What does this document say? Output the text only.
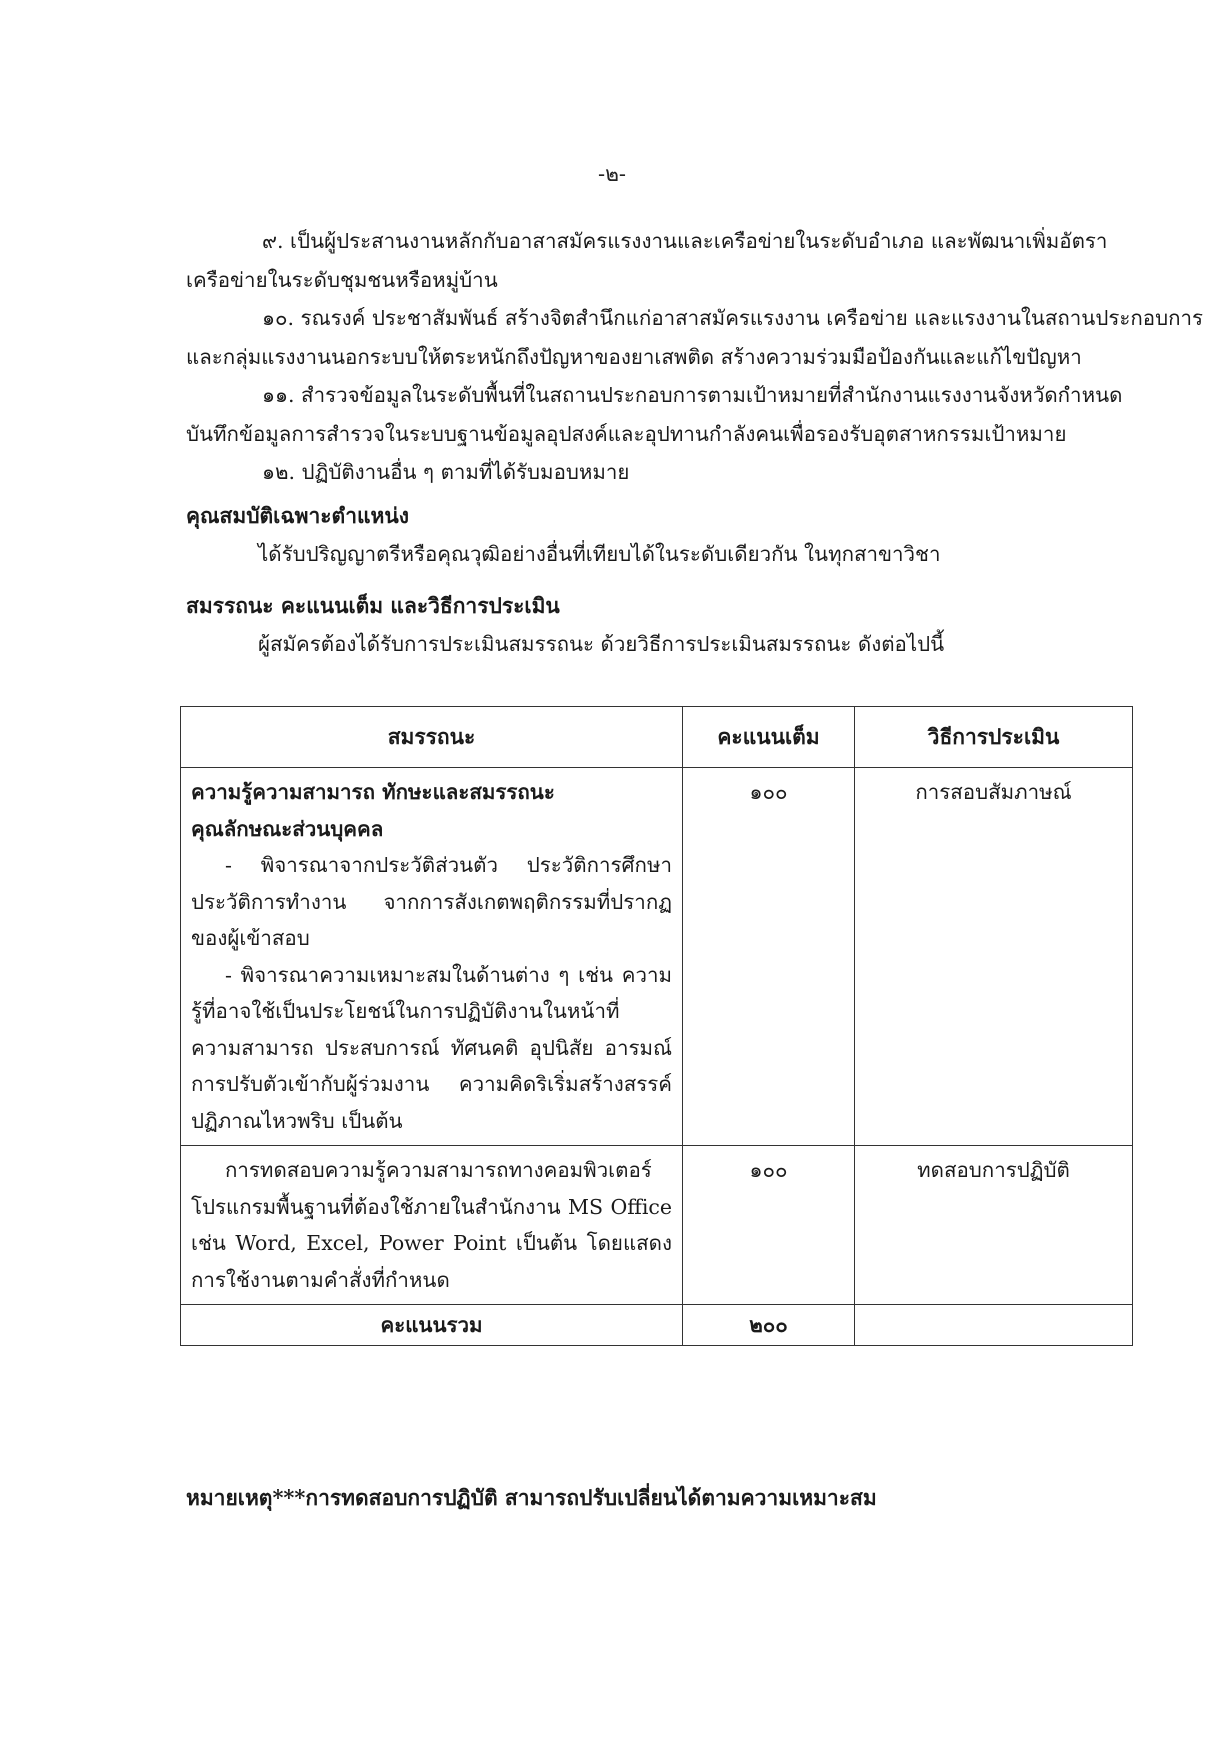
-๒-

๙. เป็นผู้ประสานงานหลักกับอาสาสมัครแรงงานและเครือข่ายในระดับอำเภอ และพัฒนาเพิ่มอัตรา

เครือข่ายในระดับชุมชนหรือหมู่บ้าน

๑๐. รณรงค์ ประชาสัมพันธ์ สร้างจิตสำนึกแก่อาสาสมัครแรงงาน เครือข่าย และแรงงานในสถานประกอบการ

และกลุ่มแรงงานนอกระบบให้ตระหนักถึงปัญหาของยาเสพติด สร้างความร่วมมือป้องกันและแก้ไขปัญหา

๑๑. สำรวจข้อมูลในระดับพื้นที่ในสถานประกอบการตามเป้าหมายที่สำนักงานแรงงานจังหวัดกำหนด

บันทึกข้อมูลการสำรวจในระบบฐานข้อมูลอุปสงค์และอุปทานกำลังคนเพื่อรองรับอุตสาหกรรมเป้าหมาย

๑๒. ปฏิบัติงานอื่น ๆ ตามที่ได้รับมอบหมาย

คุณสมบัติเฉพาะตำแหน่ง
ได้รับปริญญาตรีหรือคุณวุฒิอย่างอื่นที่เทียบได้ในระดับเดียวกัน ในทุกสาขาวิชา
สมรรถนะ คะแนนเต็ม และวิธีการประเมิน
ผู้สมัครต้องได้รับการประเมินสมรรถนะ ด้วยวิธีการประเมินสมรรถนะ ดังต่อไปนี้
สมรรถนะ	คะแนนเต็ม	วิธีการประเมิน

ความรู้ความสามารถ ทักษะและสมรรถนะ
คุณลักษณะส่วนบุคคล
- พิจารณาจากประวัติส่วนตัว ประวัติการศึกษา ประวัติการทำงาน จากการสังเกตพฤติกรรมที่ปรากฏของผู้เข้าสอบ
- พิจารณาความเหมาะสมในด้านต่าง ๆ เช่น ความรู้ที่อาจใช้เป็นประโยชน์ในการปฏิบัติงานในหน้าที่ ความสามารถ ประสบการณ์ ทัศนคติ อุปนิสัย อารมณ์ การปรับตัวเข้ากับผู้ร่วมงาน ความคิดริเริ่มสร้างสรรค์ ปฏิภาณไหวพริบ เป็นต้น	๑๐๐	การสอบสัมภาษณ์

การทดสอบความรู้ความสามารถทางคอมพิวเตอร์ โปรแกรมพื้นฐานที่ต้องใช้ภายในสำนักงาน MS Office เช่น Word, Excel, Power Point เป็นต้น โดยแสดงการใช้งานตามคำสั่งที่กำหนด	๑๐๐	ทดสอบการปฏิบัติ
คะแนนรวม	๒๐๐	
หมายเหตุ***การทดสอบการปฏิบัติ สามารถปรับเปลี่ยนได้ตามความเหมาะสม
